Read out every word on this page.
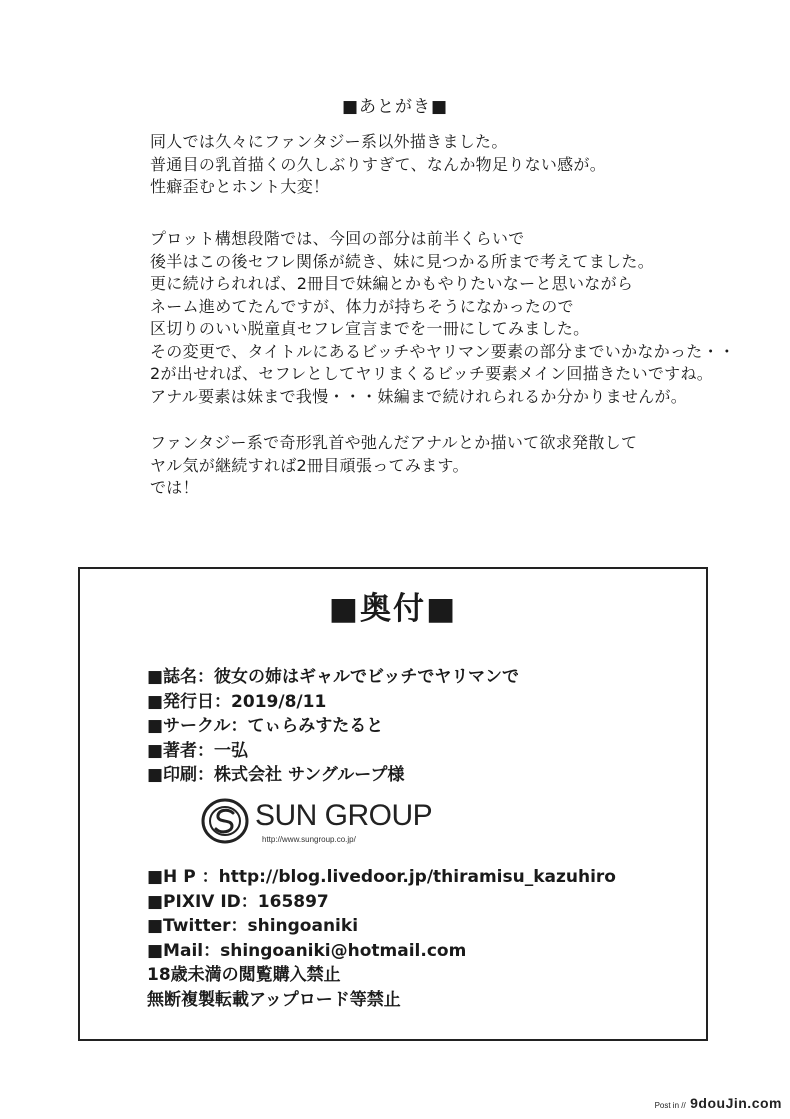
■あとがき■
同人では久々にファンタジー系以外描きました。
普通目の乳首描くの久しぶりすぎて、なんか物足りない感が。
性癖歪むとホント大変！
プロット構想段階では、今回の部分は前半くらいで
後半はこの後セフレ関係が続き、妹に見つかる所まで考えてました。
更に続けられれば、2冊目で妹編とかもやりたいなーと思いながら
ネーム進めてたんですが、体力が持ちそうになかったので
区切りのいい脱童貞セフレ宣言までを一冊にしてみました。
その変更で、タイトルにあるビッチやヤリマン要素の部分までいかなかった・・
2が出せれば、セフレとしてヤリまくるビッチ要素メイン回描きたいですね。
アナル要素は妹まで我慢・・・妹編まで続けれられるか分かりませんが。
ファンタジー系で奇形乳首や弛んだアナルとか描いて欲求発散して
ヤル気が継続すれば2冊目頑張ってみます。
では！
■奥付■
■誌名：彼女の姉はギャルでビッチでヤリマンで
■発行日：2019/8/11
■サークル：てぃらみすたると
■著者：一弘
■印刷：株式会社 サングループ様
SUN GROUP
http://www.sungroup.co.jp/
■H P ：http://blog.livedoor.jp/thiramisu_kazuhiro
■PIXIV ID：165897
■Twitter：shingoaniki
■Mail：shingoaniki@hotmail.com
18歳未満の閲覧購入禁止
無断複製転載アップロード等禁止
Post in // 9douJin.com
